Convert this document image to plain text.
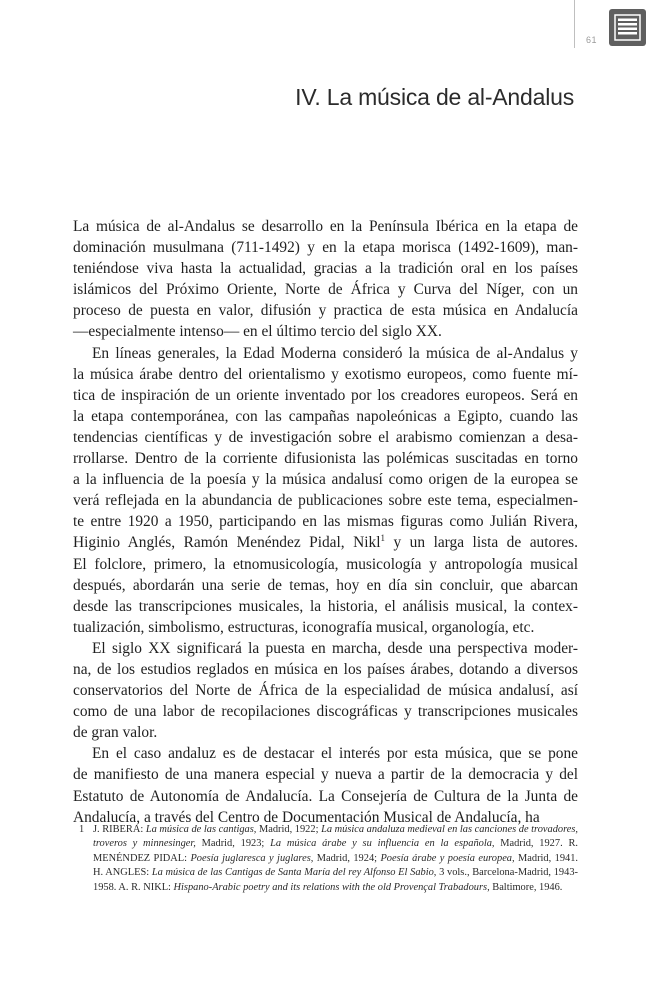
61
IV. La música de al-Andalus

La música de al-Andalus se desarrollo en la Península Ibérica en la etapa de
dominación musulmana (711-1492) y en la etapa morisca (1492-1609), man-
teniéndose viva hasta la actualidad, gracias a la tradición oral en los países
islámicos del Próximo Oriente, Norte de África y Curva del Níger, con un
proceso de puesta en valor, difusión y practica de esta música en Andalucía
—especialmente intenso— en el último tercio del siglo XX.

En líneas generales, la Edad Moderna consideró la música de al-Andalus y
la música árabe dentro del orientalismo y exotismo europeos, como fuente mí-
tica de inspiración de un oriente inventado por los creadores europeos. Será en
la etapa contemporánea, con las campañas napoleónicas a Egipto, cuando las
tendencias científicas y de investigación sobre el arabismo comienzan a desa-
rrollarse. Dentro de la corriente difusionista las polémicas suscitadas en torno
a la influencia de la poesía y la música andalusí como origen de la europea se
verá reflejada en la abundancia de publicaciones sobre este tema, especialmen-
te entre 1920 a 1950, participando en las mismas figuras como Julián Rivera,
Higinio Anglés, Ramón Menéndez Pidal, Nikl$^1$ y un larga lista de autores.
El folclore, primero, la etnomusicología, musicología y antropología musical
después, abordarán una serie de temas, hoy en día sin concluir, que abarcan
desde las transcripciones musicales, la historia, el análisis musical, la contex-
tualización, simbolismo, estructuras, iconografía musical, organología, etc.

El siglo XX significará la puesta en marcha, desde una perspectiva moder-
na, de los estudios reglados en música en los países árabes, dotando a diversos
conservatorios del Norte de África de la especialidad de música andalusí, así
como de una labor de recopilaciones discográficas y transcripciones musicales
de gran valor.

En el caso andaluz es de destacar el interés por esta música, que se pone
de manifiesto de una manera especial y nueva a partir de la democracia y del
Estatuto de Autonomía de Andalucía. La Consejería de Cultura de la Junta de
Andalucía, a través del Centro de Documentación Musical de Andalucía, ha

1 J. RIBERA: La música de las cantigas, Madrid, 1922; La música andaluza medieval en las canciones de trovadores, troveros y minnesinger, Madrid, 1923; La música árabe y su influencia en la española, Madrid, 1927. R. MENÉNDEZ PIDAL: Poesía juglaresca y juglares, Madrid, 1924; Poesía árabe y poesía europea, Madrid, 1941. H. ANGLES: La música de las Cantigas de Santa María del rey Alfonso El Sabio, 3 vols., Barcelona-Madrid, 1943-1958. A. R. NIKL: Hispano-Arabic poetry and its relations with the old Provençal Trabadours, Baltimore, 1946.
